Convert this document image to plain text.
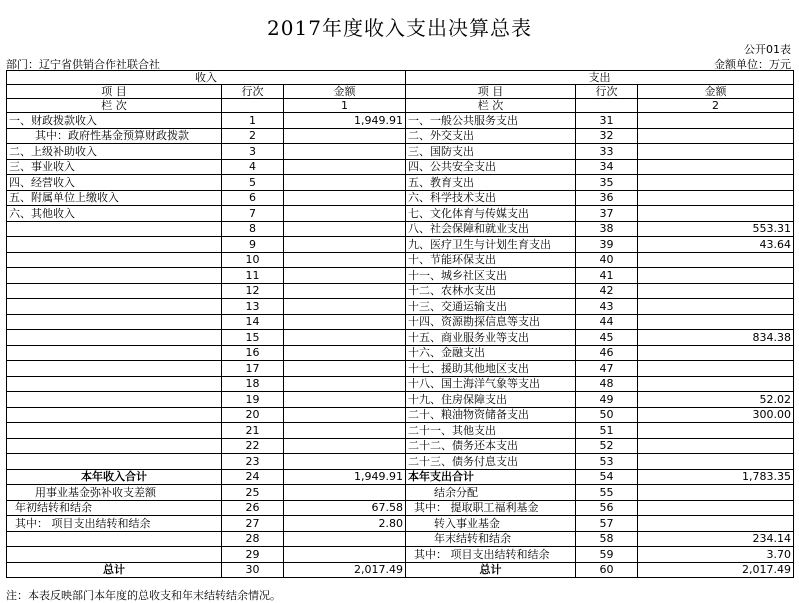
2017年度收入支出决算总表
公开01表
部门：辽宁省供销合作社联合社	金额单位：万元
收入			支出		
项 目	行次	金额	项 目	行次	金额
栏 次		1	栏 次		2
一、财政拨款收入	1	1,949.91	一、一般公共服务支出	31	
其中：政府性基金预算财政拨款	2		二、外交支出	32	
二、上级补助收入	3		三、国防支出	33	
三、事业收入	4		四、公共安全支出	34	
四、经营收入	5		五、教育支出	35	
五、附属单位上缴收入	6		六、科学技术支出	36	
六、其他收入	7		七、文化体育与传媒支出	37	
	8		八、社会保障和就业支出	38	553.31
	9		九、医疗卫生与计划生育支出	39	43.64
	10		十、节能环保支出	40	
	11		十一、城乡社区支出	41	
	12		十二、农林水支出	42	
	13		十三、交通运输支出	43	
	14		十四、资源勘探信息等支出	44	
	15		十五、商业服务业等支出	45	834.38
	16		十六、金融支出	46	
	17		十七、援助其他地区支出	47	
	18		十八、国土海洋气象等支出	48	
	19		十九、住房保障支出	49	52.02
	20		二十、粮油物资储备支出	50	300.00
	21		二十一、其他支出	51	
	22		二十二、债务还本支出	52	
	23		二十三、债务付息支出	53	
本年收入合计	24	1,949.91	本年支出合计	54	1,783.35
用事业基金弥补收支差额	25		结余分配	55	
年初结转和结余	26	67.58	其中： 提取职工福利基金	56	
其中： 项目支出结转和结余	27	2.80	转入事业基金	57	
	28		年末结转和结余	58	234.14
	29		其中： 项目支出结转和结余	59	3.70
总计	30	2,017.49	总计	60	2,017.49
注：本表反映部门本年度的总收支和年末结转结余情况。
